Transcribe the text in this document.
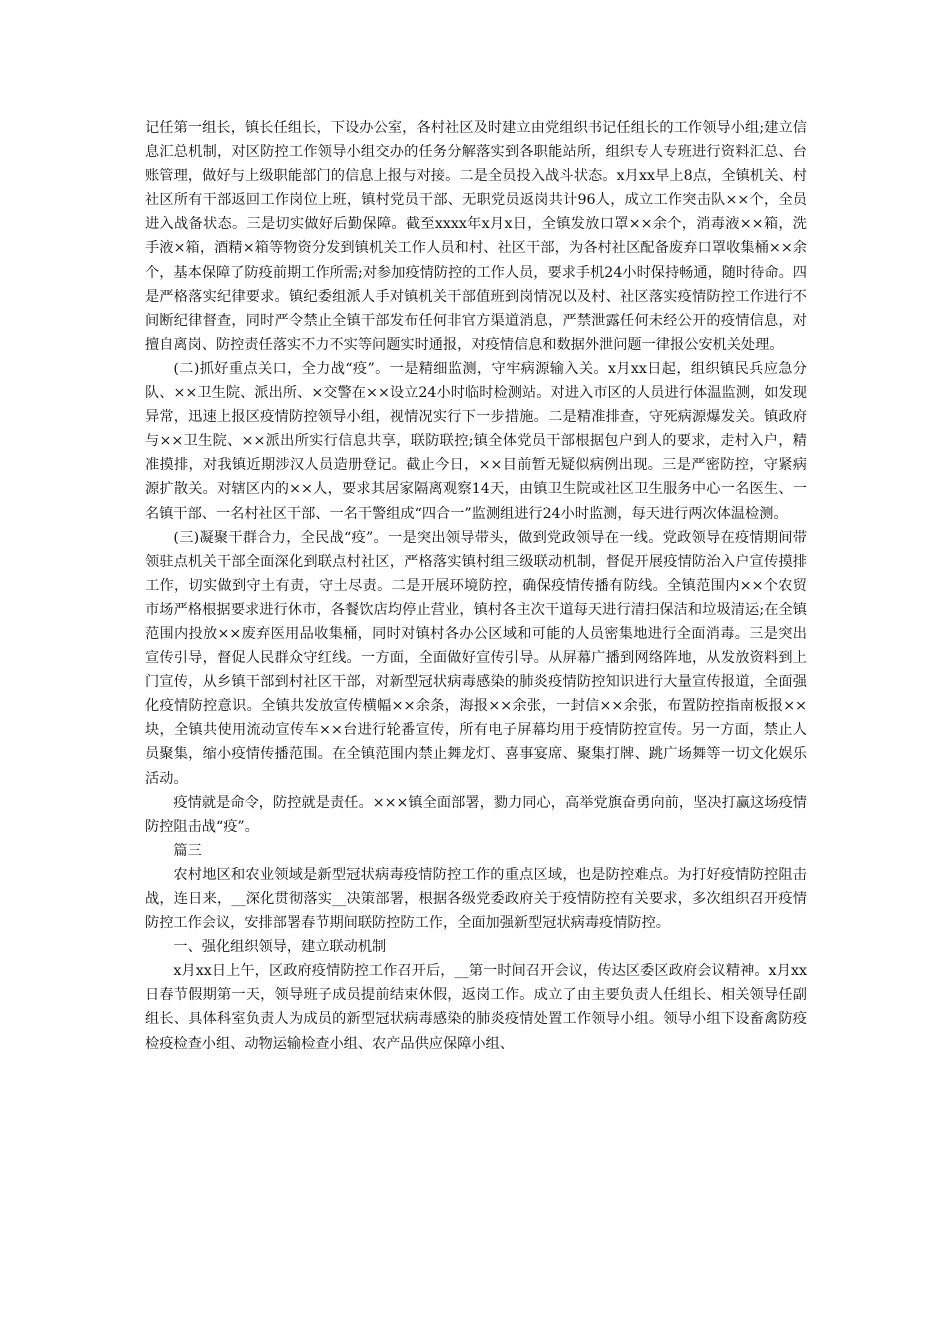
记任第一组长，镇长任组长，下设办公室，各村社区及时建立由党组织书记任组长的工作领导小组;建立信息汇总机制，对区防控工作领导小组交办的任务分解落实到各职能站所，组织专人专班进行资料汇总、台账管理，做好与上级职能部门的信息上报与对接。二是全员投入战斗状态。x月xx早上8点，全镇机关、村社区所有干部返回工作岗位上班，镇村党员干部、无职党员返岗共计96人，成立工作突击队××个，全员进入战备状态。三是切实做好后勤保障。截至xxxx年x月x日，全镇发放口罩××余个，消毒液××箱，洗手液×箱，酒精×箱等物资分发到镇机关工作人员和村、社区干部，为各村社区配备废弃口罩收集桶××余个，基本保障了防疫前期工作所需;对参加疫情防控的工作人员，要求手机24小时保持畅通，随时待命。四是严格落实纪律要求。镇纪委组派人手对镇机关干部值班到岗情况以及村、社区落实疫情防控工作进行不间断纪律督查，同时严令禁止全镇干部发布任何非官方渠道消息，严禁泄露任何未经公开的疫情信息，对擅自离岗、防控责任落实不力不实等问题实时通报，对疫情信息和数据外泄问题一律报公安机关处理。

(二)抓好重点关口，全力战“疫”。一是精细监测，守牢病源输入关。x月xx日起，组织镇民兵应急分队、××卫生院、派出所、×交警在××设立24小时临时检测站。对进入市区的人员进行体温监测，如发现异常，迅速上报区疫情防控领导小组，视情况实行下一步措施。二是精准排查，守死病源爆发关。镇政府与××卫生院、××派出所实行信息共享，联防联控;镇全体党员干部根据包户到人的要求，走村入户，精准摸排，对我镇近期涉汉人员造册登记。截止今日，××目前暂无疑似病例出现。三是严密防控，守紧病源扩散关。对辖区内的××人，要求其居家隔离观察14天，由镇卫生院或社区卫生服务中心一名医生、一名镇干部、一名村社区干部、一名干警组成“四合一”监测组进行24小时监测，每天进行两次体温检测。

(三)凝聚干群合力，全民战“疫”。一是突出领导带头，做到党政领导在一线。党政领导在疫情期间带领驻点机关干部全面深化到联点村社区，严格落实镇村组三级联动机制，督促开展疫情防治入户宣传摸排工作，切实做到守土有责，守土尽责。二是开展环境防控，确保疫情传播有防线。全镇范围内××个农贸市场严格根据要求进行休市，各餐饮店均停止营业，镇村各主次干道每天进行清扫保洁和垃圾清运;在全镇范围内投放××废弃医用品收集桶，同时对镇村各办公区域和可能的人员密集地进行全面消毒。三是突出宣传引导，督促人民群众守红线。一方面，全面做好宣传引导。从屏幕广播到网络阵地，从发放资料到上门宣传，从乡镇干部到村社区干部，对新型冠状病毒感染的肺炎疫情防控知识进行大量宣传报道，全面强化疫情防控意识。全镇共发放宣传横幅××余条，海报××余张，一封信××余张，布置防控指南板报××块，全镇共使用流动宣传车××台进行轮番宣传，所有电子屏幕均用于疫情防控宣传。另一方面，禁止人员聚集，缩小疫情传播范围。在全镇范围内禁止舞龙灯、喜事宴席、聚集打牌、跳广场舞等一切文化娱乐活动。

疫情就是命令，防控就是责任。×××镇全面部署，勠力同心，高举党旗奋勇向前，坚决打赢这场疫情防控阻击战“疫”。

篇三

农村地区和农业领域是新型冠状病毒疫情防控工作的重点区域，也是防控难点。为打好疫情防控阻击战，连日来，__深化贯彻落实__决策部署，根据各级党委政府关于疫情防控有关要求，多次组织召开疫情防控工作会议，安排部署春节期间联防控防工作，全面加强新型冠状病毒疫情防控。

一、强化组织领导，建立联动机制

x月xx日上午，区政府疫情防控工作召开后，__第一时间召开会议，传达区委区政府会议精神。x月xx日春节假期第一天，领导班子成员提前结束休假，返岗工作。成立了由主要负责人任组长、相关领导任副组长、具体科室负责人为成员的新型冠状病毒感染的肺炎疫情处置工作领导小组。领导小组下设畜禽防疫检疫检查小组、动物运输检查小组、农产品供应保障小组、
